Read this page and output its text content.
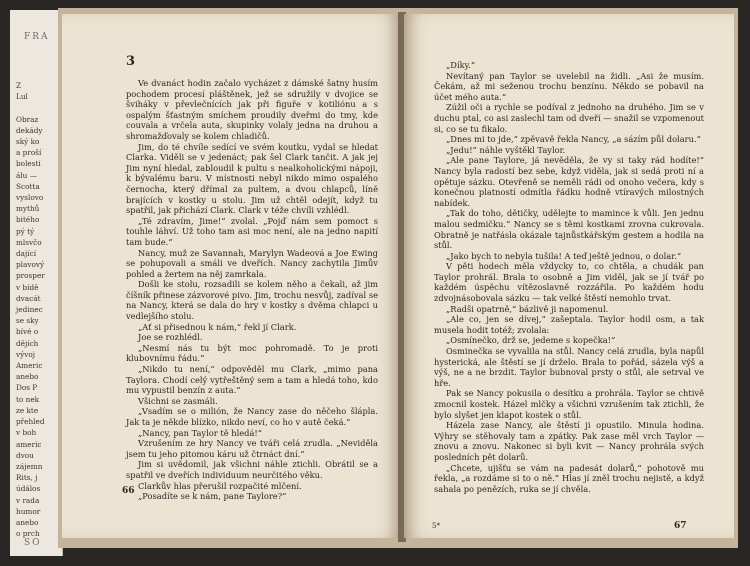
FRA
Z
Lul

Obraz
dekády
ský ko
a proší
bolesti
álu —
Scotta
vyslovo
mythů
bitého
pý tý
mlsvčo
dající
plavový
prosper
v bídě
dvacát
jedinec
se sky
bívé o
dějích
vývoj
Americ
anebo
Dos P
to nek
ze kte
přehled
v boh
americ
dvou
zájemn
Rits, j
údálos
v rada
humor
anebo
o prch
SO
3

Ve dvanáct hodin začalo vycházet z dámské šatny husím pochodem procesí pláštěnek, jež se sdružily v dvojice se šviháky v převlečnících jak při figuře v kotiliónu a s ospalým šťastným smíchem proudily dveřmi do tmy, kde couvala a vrčela auta, skupinky volaly jedna na druhou a shromažďovaly se kolem chladičů.

Jim, do té chvíle sedící ve svém koutku, vydal se hledat Clarka. Viděli se v jedenáct; pak šel Clark tančit. A jak jej Jim nyní hledal, zabloudil k pultu s nealkoholickými nápoji, k bývalému baru. V místnosti nebyl nikdo mimo ospalého černocha, který dřímal za pultem, a dvou chlapců, líně brajících v kostky u stolu. Jim už chtěl odejít, když tu spatřil, jak přichází Clark. Clark v téže chvíli vzhlédl.

„Té zdravím, Jime!“ zvolal. „Pojď nám sem pomoct s touhle láhví. Už toho tam asi moc není, ale na jedno napití tam bude.“

Nancy, muž ze Savannah, Marylyn Wadeová a Joe Ewing se pohupovali a smáli ve dveřích. Nancy zachytila Jimův pohled a žertem na něj zamrkala.

Došli ke stolu, rozsadili se kolem něho a čekali, až jim číšník přinese zázvorové pivo. Jim, trochu nesvůj, zadíval se na Nancy, která se dala do hry v kostky s dvěma chlapci u vedlejšího stolu.

„Ať si přisednou k nám,“ řekl jí Clark.

Joe se rozhlédl.

„Nesmí nás tu být moc pohromadě. To je proti klubovnímu řádu.“

„Nikdo tu není,“ odpověděl mu Clark, „mimo pana Taylora. Chodí celý vytřeštěný sem a tam a hledá toho, kdo mu vypustil benzín z auta.“

Všichni se zasmáli.

„Vsadím se o milión, že Nancy zase do něčeho šlápla. Jak ta je někde blízko, nikdo neví, co ho v autě čeká.“

„Nancy, pan Taylor tě hledá!“

Vzrušením ze hry Nancy ve tváři celá zrudla. „Neviděla jsem tu jeho pitomou káru už čtrnáct dní.“

Jim si uvědomil, jak všichni náhle ztichli. Obrátil se a spatřil ve dveřích individuum neurčitého věku.

Clarkův hlas přerušil rozpačité mlčení.

„Posadíte se k nám, pane Taylore?“

66

„Díky.“

Nevítaný pan Taylor se uvelebil na židli. „Asi že musím. Čekám, až mi seženou trochu benzínu. Někdo se pobavil na účet mého auta.“

Zúžil oči a rychle se podíval z jednoho na druhého. Jim se v duchu ptal, co asi zaslechl tam od dveří — snažil se vzpomenout si, co se tu fikalo.

„Dnes mi to jde,“ zpěvavě řekla Nancy, „a sázím půl dolaru.“

„Jedu!“ náhle vyštěkl Taylor.

„Ale pane Taylore, já nevěděla, že vy si taky rád hodíte!“ Nancy byla radostí bez sebe, když viděla, jak si sedá proti ní a opětuje sázku. Otevřeně se neměli rádi od onoho večera, kdy s konečnou platností odmítla řádku hodně vtíravých milostných nabídek.

„Tak do toho, dětičky, udělejte to mamince k vůli. Jen jednu malou sedmičku.“ Nancy se s těmi kostkami zrovna cukrovala. Obratně je natřásla okázale tajnůstkářským gestem a hodila na stůl.

„Jako bych to nebyla tušila! A teď ještě jednou, o dolar.“

V pěti hodech měla vždycky to, co chtěla, a chudák pan Taylor prohrál. Brala to osobně a Jim viděl, jak se jí tvář po každém úspěchu vítězoslavně rozzářila. Po každém hodu zdvojnásobovala sázku — tak velké štěstí nemohlo trvat.

„Radši opatrně,“ bázlivě ji napomenul.

„Ale co, jen se dívej,“ zašeptala. Taylor hodil osm, a tak musela hodit totéž; zvolala:

„Osmínečko, drž se, jedeme s kopečka!“

Osminečka se vyvalila na stůl. Nancy celá zrudla, byla napůl hysterická, ale štěstí se jí drželo. Brala to pořád, sázela výš a výš, ne a ne brzdit. Taylor bubnoval prsty o stůl, ale setrval ve hře.

Pak se Nancy pokusila o desítku a prohrála. Taylor se chtivě zmocnil kostek. Házel mlčky a všichni vzrušením tak ztichli, že bylo slyšet jen klapot kostek o stůl.

Házela zase Nancy, ale štěstí ji opustilo. Minula hodina. Výhry se stěhovaly tam a zpátky. Pak zase měl vrch Taylor — znovu a znovu. Nakonec si byli kvit — Nancy prohrála svých posledních pět dolarů.

„Chcete, ujišťu se vám na padesát dolarů,“ pohotově mu řekla, „a rozdáme si to o ně.“ Hlas jí zněl trochu nejistě, a když sahala po penězích, ruka se jí chvěla.

5*	67
